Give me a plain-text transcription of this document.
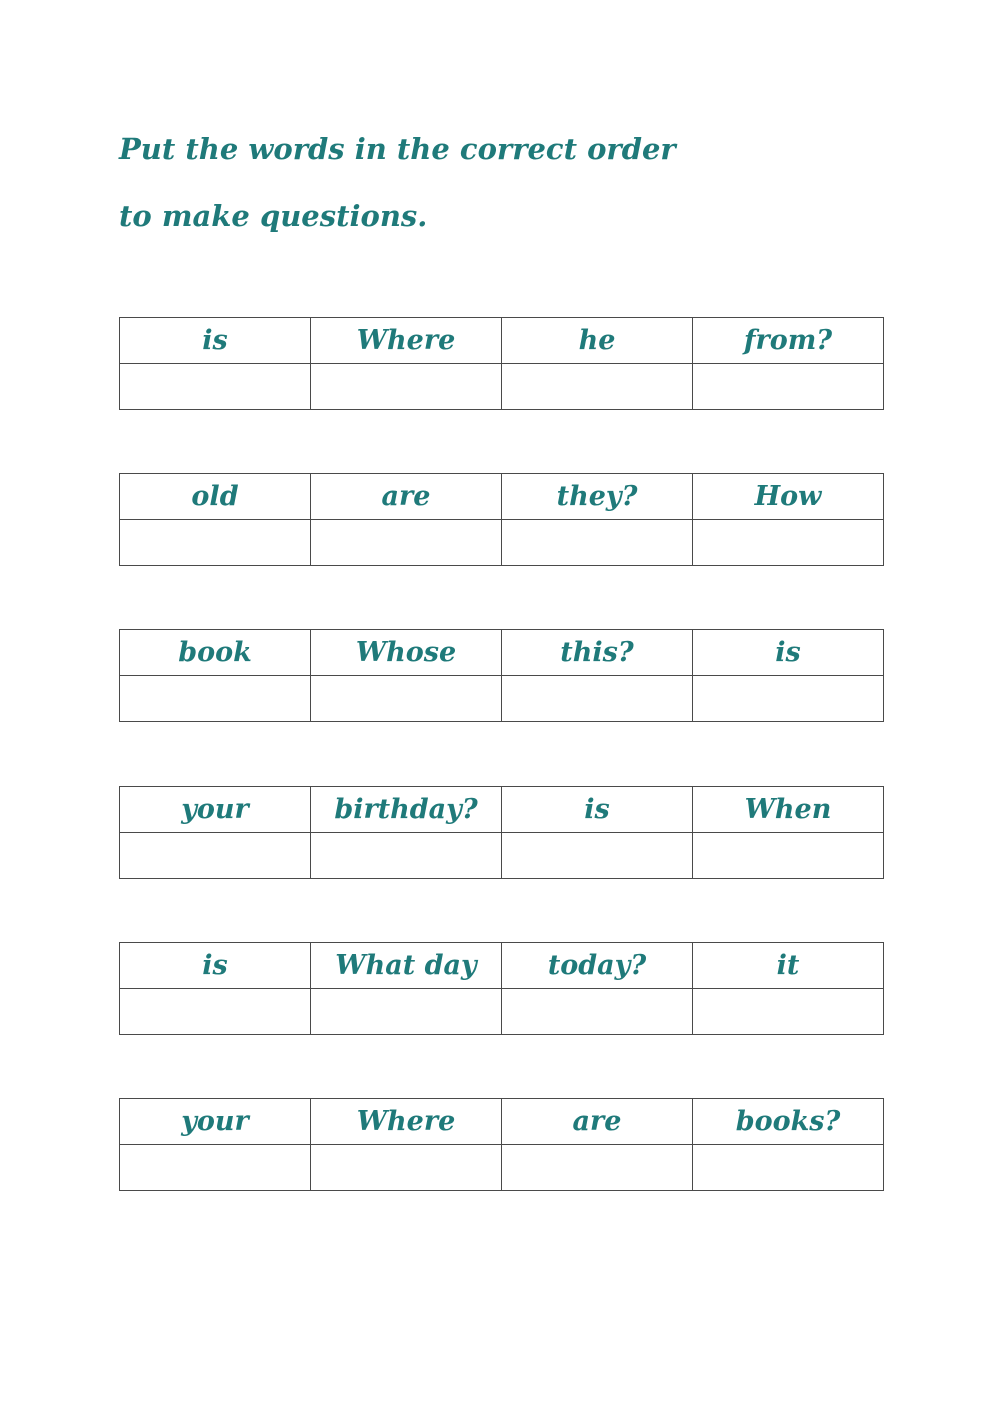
Put the words in the correct order
to make questions.
is	Where	he	from?

old	are	they?	How

book	Whose	this?	is

your	birthday?	is	When

is	What day	today?	it

your	Where	are	books?
